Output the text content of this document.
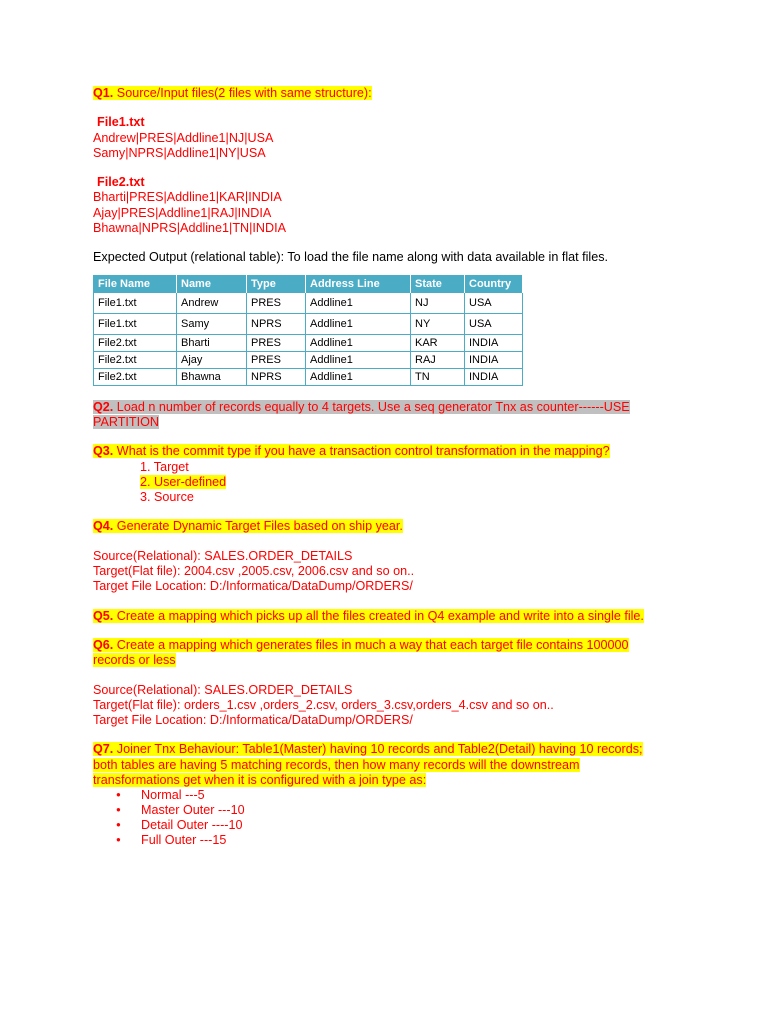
Q1. Source/Input files(2 files with same structure):

File1.txt

Andrew|PRES|Addline1|NJ|USA

Samy|NPRS|Addline1|NY|USA

File2.txt

Bharti|PRES|Addline1|KAR|INDIA

Ajay|PRES|Addline1|RAJ|INDIA

Bhawna|NPRS|Addline1|TN|INDIA

Expected Output (relational table): To load the file name along with data available in flat files.

File Name	Name	Type	Address Line	State	Country
File1.txt	Andrew	PRES	Addline1	NJ	USA
File1.txt	Samy	NPRS	Addline1	NY	USA
File2.txt	Bharti	PRES	Addline1	KAR	INDIA
File2.txt	Ajay	PRES	Addline1	RAJ	INDIA
File2.txt	Bhawna	NPRS	Addline1	TN	INDIA

Q2. Load n number of records equally to 4 targets. Use a seq generator Tnx as counter------USE PARTITION

Q3. What is the commit type if you have a transaction control transformation in the mapping?

1. Target

2. User-defined

3. Source

Q4. Generate Dynamic Target Files based on ship year.

Source(Relational): SALES.ORDER_DETAILS

Target(Flat file): 2004.csv ,2005.csv, 2006.csv and so on..

Target File Location: D:/Informatica/DataDump/ORDERS/

Q5. Create a mapping which picks up all the files created in Q4 example and write into a single file.

Q6. Create a mapping which generates files in much a way that each target file contains 100000 records or less

Source(Relational): SALES.ORDER_DETAILS

Target(Flat file): orders_1.csv ,orders_2.csv, orders_3.csv,orders_4.csv and so on..

Target File Location: D:/Informatica/DataDump/ORDERS/

Q7. Joiner Tnx Behaviour: Table1(Master) having 10 records and Table2(Detail) having 10 records; both tables are having 5 matching records, then how many records will the downstream transformations get when it is configured with a join type as:

● Normal ---5
● Master Outer ---10
● Detail Outer ----10
● Full Outer ---15
